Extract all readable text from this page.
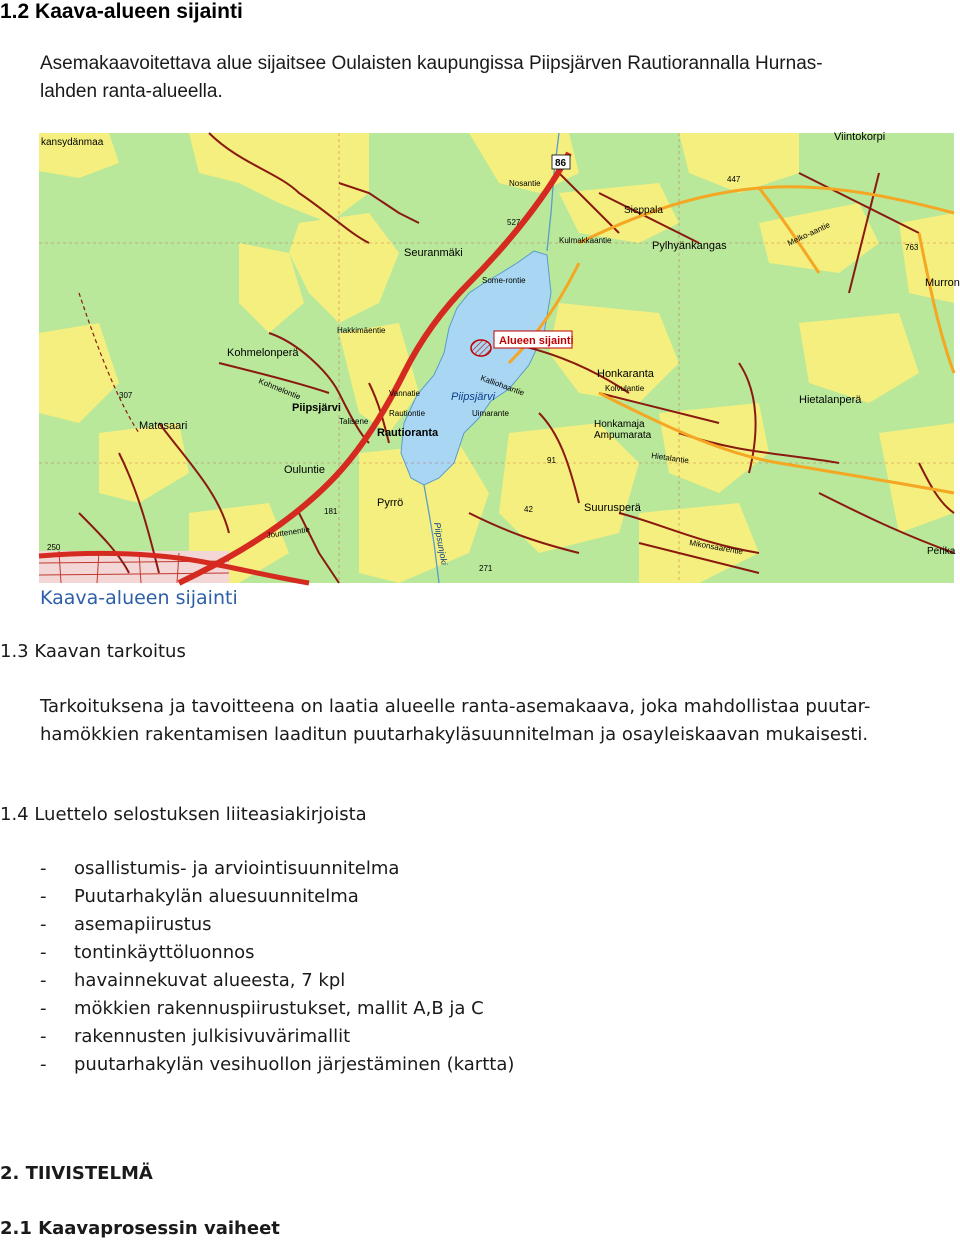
1.2 Kaava-alueen sijainti
Asemakaavoitettava alue sijaitsee Oulaisten kaupungissa Piipsjärven Rautiorannalla Hurnas-
lahden ranta-alueella.
86
Alueen sijainti
kansydänmaa
Seuranmäki
Kohmelonperä
Matosaari
Piipsjärvi
Piipsjärvi
Rautioranta
Ouluntie
Pyrrö
Honkaranta
Honkamaja
Ampumarata
Suurusperä
Hietalanperä
Pylhyänkangas
Sieppala
Viintokorpi
Murron
Perika
Hakkimäentie
Kohmelontie	Kalliohaantie	Kolvulantie
Hietalantie
Jouttenentie
Mikonsaarentie
Uimarante
Some-rontie
Rautiontie
Vannatie
Talisene
Nosantie
Kulmakkaantie	Melko-aantie
447
527
763
250
271
42
91
181
307
Piipsunjoki
Kaava-alueen sijainti
1.3 Kaavan tarkoitus
Tarkoituksena ja tavoitteena on laatia alueelle ranta-asemakaava, joka mahdollistaa puutar-
hamökkien rakentamisen laaditun puutarhakyläsuunnitelman ja osayleiskaavan mukaisesti.
1.4 Luettelo selostuksen liiteasiakirjoista
- osallistumis- ja arviointisuunnitelma
- Puutarhakylän aluesuunnitelma
- asemapiirustus
- tontinkäyttöluonnos
- havainnekuvat alueesta, 7 kpl
- mökkien rakennuspiirustukset, mallit A,B ja C
- rakennusten julkisivuvärimallit
- puutarhakylän vesihuollon järjestäminen (kartta)
2. TIIVISTELMÄ
2.1 Kaavaprosessin vaiheet
